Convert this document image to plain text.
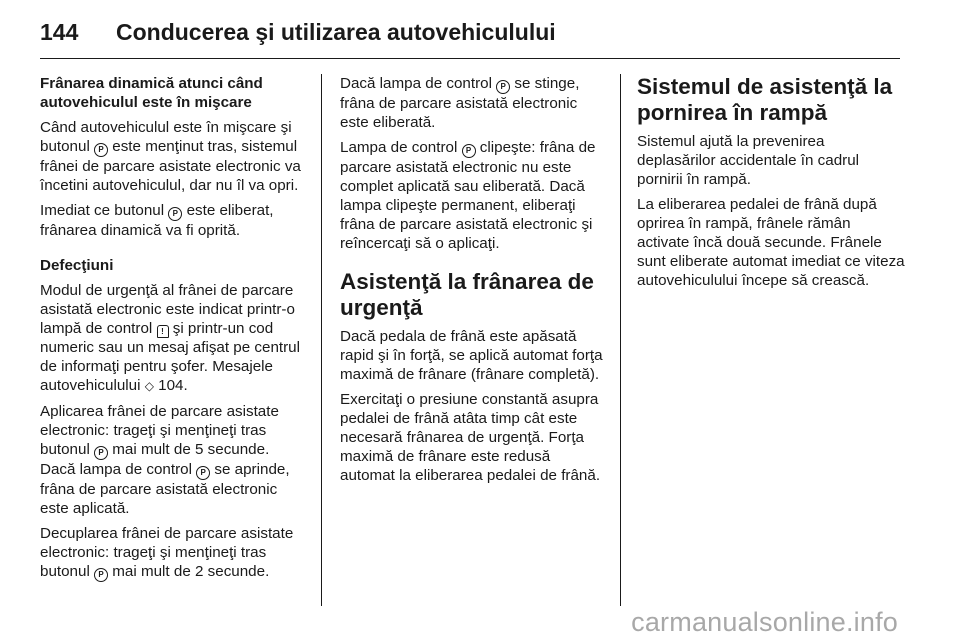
144	Conducerea şi utilizarea autovehiculului

Frânarea dinamică atunci când autovehiculul este în mişcare

Când autovehiculul este în mişcare şi butonul P este menţinut tras, sistemul frânei de parcare asistate electronic va încetini autovehiculul, dar nu îl va opri.

Imediat ce butonul P este eliberat, frânarea dinamică va fi oprită.

Defecţiuni

Modul de urgenţă al frânei de parcare asistată electronic este indicat printr-o lampă de control ! şi printr-un cod numeric sau un mesaj afişat pe centrul de informaţi pentru şofer. Mesajele autovehiculului ◇ 104.

Aplicarea frânei de parcare asistate electronic: trageţi şi menţineţi tras butonul P mai mult de 5 secunde. Dacă lampa de control P se aprinde, frâna de parcare asistată electronic este aplicată.

Decuplarea frânei de parcare asistate electronic: trageţi şi menţineţi tras butonul P mai mult de 2 secunde.

Dacă lampa de control P se stinge, frâna de parcare asistată electronic este eliberată.

Lampa de control P clipeşte: frâna de parcare asistată electronic nu este complet aplicată sau eliberată. Dacă lampa clipeşte permanent, eliberaţi frâna de parcare asistată electronic şi reîncercaţi să o aplicaţi.

Asistenţă la frânarea de urgenţă

Dacă pedala de frână este apăsată rapid şi în forţă, se aplică automat forţa maximă de frânare (frânare completă).

Exercitaţi o presiune constantă asupra pedalei de frână atâta timp cât este necesară frânarea de urgenţă. Forţa maximă de frânare este redusă automat la eliberarea pedalei de frână.

Sistemul de asistenţă la pornirea în rampă

Sistemul ajută la prevenirea deplasărilor accidentale în cadrul pornirii în rampă.

La eliberarea pedalei de frână după oprirea în rampă, frânele rămân activate încă două secunde. Frânele sunt eliberate automat imediat ce viteza autovehiculului începe să crească.

carmanualsonline.info
